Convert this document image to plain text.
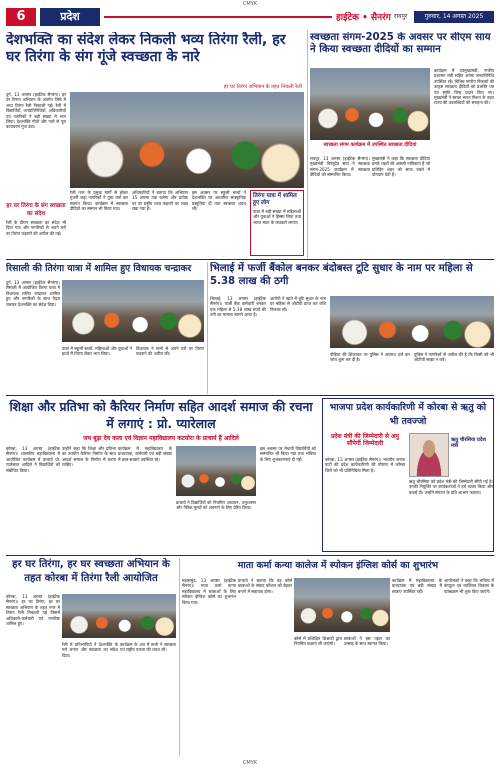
CMYK
6	प्रदेश	हाईटेक • सैनरंग रायपुर	गुरुवार, 14 अगस्त 2025
देशभक्ति का संदेश लेकर निकली भव्य तिरंगा रैली, हर घर तिरंगा के संग गूंजे स्वच्छता के नारे
हर घर तिरंगा अभियान के तहत निकली रैली
दुर्ग, 13 अगस्त (हाईटेक सैनरंग)। हर घर तिरंगा अभियान के अंतर्गत जिले में भव्य तिरंगा रैली निकाली गई। रैली में विद्यार्थियों, जनप्रतिनिधियों, अधिकारियों एवं नागरिकों ने बड़ी संख्या में भाग लिया। देशभक्ति गीतों और नारों से पूरा वातावरण गूंज उठा।
हर घर तिरंगा के संग स्वच्छता का संदेश
रैली के दौरान स्वच्छता का संदेश भी दिया गया और नागरिकों से अपने घरों पर तिरंगा फहराने की अपील की गई।
रैली नगर के प्रमुख मार्गों से होकर गुजरी जहां नागरिकों ने पुष्प वर्षा कर स्वागत किया। कार्यक्रम में स्वच्छता दीदियों का सम्मान भी किया गया।
अधिकारियों ने बताया कि अभियान 15 अगस्त तक चलेगा और प्रत्येक घर पर राष्ट्रीय ध्वज फहराने का लक्ष्य रखा गया है।
इस अवसर पर स्कूली बच्चों ने देशभक्ति पर आधारित सांस्कृतिक प्रस्तुतियां दीं तथा स्वच्छता शपथ ली।
तिरंगा यात्रा में शामिल हुए लोग
यात्रा में बड़ी संख्या में महिलाओं और युवाओं ने हिस्सा लिया तथा भारत माता के जयकारे लगाए।
स्वच्छता संगम-2025 के अवसर पर सीएम साय ने किया स्वच्छता दीदियों का सम्मान
स्वच्छता संगम कार्यक्रम में उपस्थित स्वच्छता दीदियां
कार्यक्रम में उपमुख्यमंत्री, नगरीय प्रशासन मंत्री सहित अनेक जनप्रतिनिधि उपस्थित रहे। विभिन्न नगरीय निकायों की उत्कृष्ट स्वच्छता दीदियों को प्रशस्ति पत्र एवं स्मृति चिन्ह प्रदान किए गए। मुख्यमंत्री ने स्वच्छ भारत मिशन के तहत राज्य की उपलब्धियों की सराहना की।
रायपुर, 13 अगस्त (हाईटेक सैनरंग)। मुख्यमंत्री विष्णुदेव साय ने स्वच्छता संगम-2025 कार्यक्रम में स्वच्छता दीदियों को सम्मानित किया।
मुख्यमंत्री ने कहा कि स्वच्छता दीदियां हमारे शहरों की असली नायिकाएं हैं जो प्रतिदिन शहर को साफ रखने में योगदान देती हैं।
रिसाली की तिरंगा यात्रा में शामिल हुए विधायक चन्द्राकर
दुर्ग, 13 अगस्त (हाईटेक सैनरंग)। रिसाली में आयोजित तिरंगा यात्रा में विधायक ललित चन्द्राकर शामिल हुए और नागरिकों के साथ पैदल चलकर देशभक्ति का संदेश दिया।
यात्रा में स्कूली बच्चों, महिलाओं और युवाओं ने हाथों में तिरंगा लेकर भाग लिया।
विधायक ने सभी से अपने घरों पर तिरंगा फहराने की अपील की।
भिलाई में फर्जी बैंकोल बनकर बंदोबस्त टूटि सुधार के नाम पर महिला से 5.38 लाख की ठगी
भिलाई, 13 अगस्त (हाईटेक सैनरंग)। फर्जी बैंक कर्मचारी बनकर एक महिला से 5.38 लाख रुपये की ठगी का मामला सामने आया है।
आरोपी ने खाते में त्रुटि सुधार के नाम पर महिला से ओटीपी प्राप्त कर राशि निकाल ली।
पीड़िता की शिकायत पर पुलिस ने अपराध दर्ज कर जांच शुरू कर दी है।
पुलिस ने नागरिकों से अपील की है कि किसी को भी ओटीपी साझा न करें।
शिक्षा और प्रतिभा को कैरियर निर्माण सहित आदर्श समाज की रचना में लगाएं : प्रो. प्यारेलाल
जय बूढ़ा देव कला एवं विज्ञान महाविद्यालय कटघोरा के प्राचार्य हैं आदिले
कोरबा, 13 अगस्त (हाईटेक सैनरंग)। शासकीय महाविद्यालय में आयोजित कार्यक्रम में प्राचार्य प्रो. प्यारेलाल आदिले ने विद्यार्थियों को संबोधित किया।
उन्होंने कहा कि शिक्षा और प्रतिभा का उपयोग कैरियर निर्माण के साथ आदर्श समाज के निर्माण में करना चाहिए।
कार्यक्रम में महाविद्यालय के प्राध्यापक, कर्मचारी एवं बड़ी संख्या में छात्र-छात्राएं उपस्थित रहे।
प्राचार्य ने विद्यार्थियों को नियमित अध्ययन, अनुशासन और नैतिक मूल्यों को अपनाने के लिए प्रेरित किया।
इस अवसर पर मेधावी विद्यार्थियों को सम्मानित भी किया गया तथा भविष्य के लिए शुभकामनाएं दी गईं।
भाजपा प्रदेश कार्यकारिणी में कोरबा से ऋतु को भी तवज्जो
प्रदेश मंत्री की जिम्मेदारी से अनु सौंपेगीं जिम्मेदारी
कोरबा, 13 अगस्त (हाईटेक सैनरंग)। भारतीय जनता पार्टी की प्रदेश कार्यकारिणी की घोषणा में कोरबा जिले को भी प्रतिनिधित्व मिला है।
ऋतु चौरसिया प्रदेश मंत्री
ऋतु चौरसिया को प्रदेश मंत्री की जिम्मेदारी सौंपी गई है। उनकी नियुक्ति पर कार्यकर्ताओं ने हर्ष व्यक्त किया और बधाई दी। उन्होंने संगठन के प्रति आभार जताया।
हर घर तिरंगा, हर घर स्वच्छता अभियान के तहत कोरबा में तिरंगा रैली आयोजित
कोरबा, 13 अगस्त (हाईटेक सैनरंग)। हर घर तिरंगा, हर घर स्वच्छता अभियान के तहत नगर में तिरंगा रैली निकाली गई जिसमें अधिकारी-कर्मचारी एवं नागरिक शामिल हुए।
रैली में प्रतिभागियों ने देशभक्ति के नारे लगाए और स्वच्छता का संदेश दिया।
कार्यक्रम के अंत में सभी ने स्वच्छता एवं राष्ट्रीय एकता की शपथ ली।
माता कर्मा कन्या कालेज में स्पोकन इंग्लिश कोर्स का शुभारंभ
महासमुंद, 13 अगस्त (हाईटेक सैनरंग)। माता कर्मा कन्या महाविद्यालय में छात्राओं के लिए स्पोकन इंग्लिश कोर्स का शुभारंभ किया गया।
प्राचार्य ने बताया कि यह कोर्स छात्राओं के संवाद कौशल को बेहतर बनाने में सहायक होगा।
कोर्स में प्रशिक्षित शिक्षकों द्वारा नियमित कक्षाएं ली जाएंगी।
छात्राओं ने इस पहल का उत्साह के साथ स्वागत किया।
कार्यक्रम में महाविद्यालय के प्राध्यापक एवं बड़ी संख्या में छात्राएं उपस्थित रहीं।
आयोजकों ने कहा कि भविष्य में कंप्यूटर एवं व्यक्तित्व विकास के पाठ्यक्रम भी शुरू किए जाएंगे।
CMYK
